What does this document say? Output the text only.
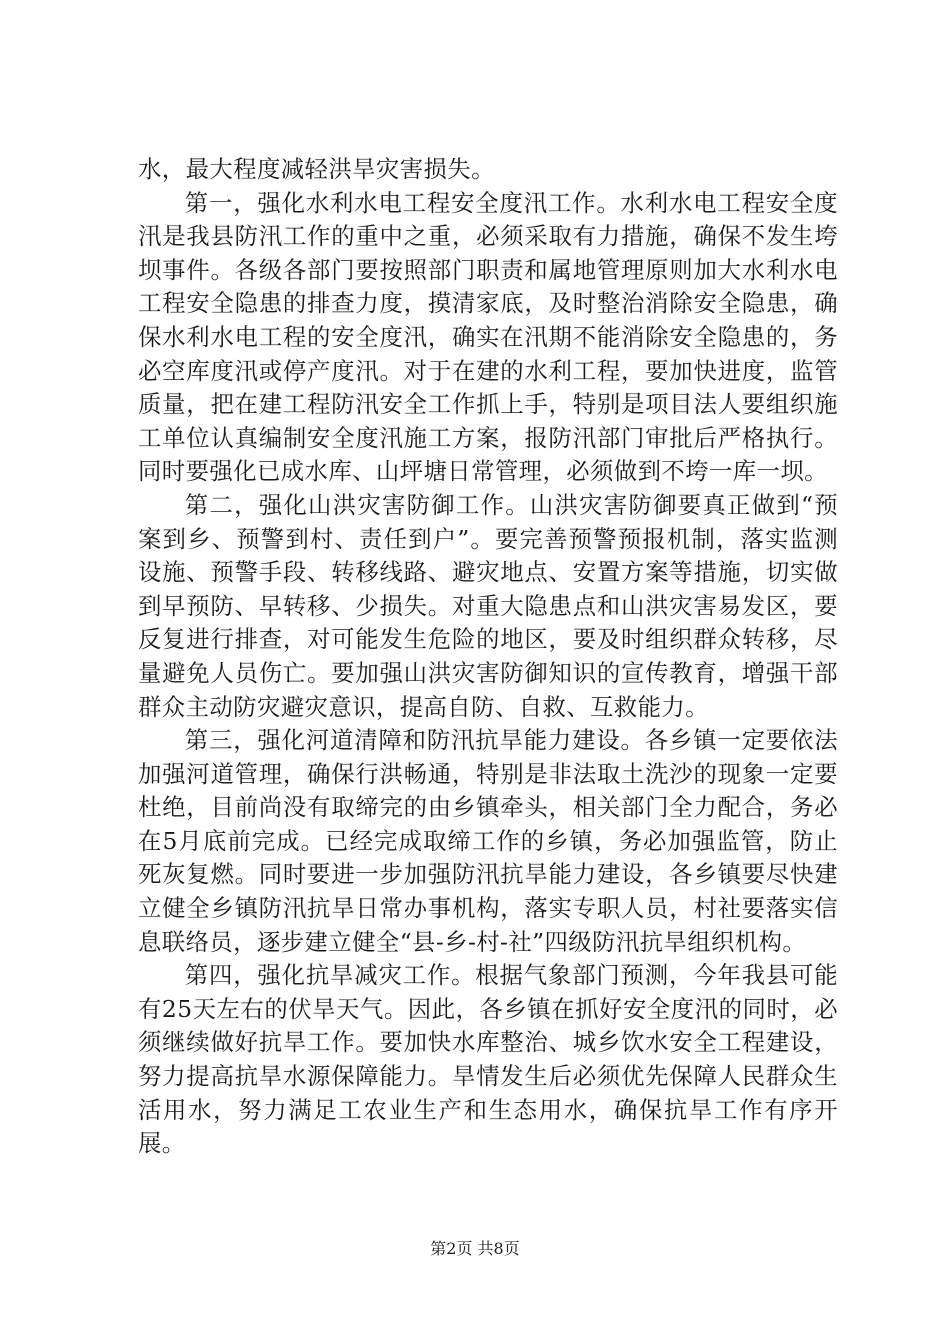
水，最大程度减轻洪旱灾害损失。

第一，强化水利水电工程安全度汛工作。水利水电工程安全度汛是我县防汛工作的重中之重，必须采取有力措施，确保不发生垮坝事件。各级各部门要按照部门职责和属地管理原则加大水利水电工程安全隐患的排查力度，摸清家底，及时整治消除安全隐患，确保水利水电工程的安全度汛，确实在汛期不能消除安全隐患的，务必空库度汛或停产度汛。对于在建的水利工程，要加快进度，监管质量，把在建工程防汛安全工作抓上手，特别是项目法人要组织施工单位认真编制安全度汛施工方案，报防汛部门审批后严格执行。同时要强化已成水库、山坪塘日常管理，必须做到不垮一库一坝。

第二，强化山洪灾害防御工作。山洪灾害防御要真正做到“预案到乡、预警到村、责任到户”。要完善预警预报机制，落实监测设施、预警手段、转移线路、避灾地点、安置方案等措施，切实做到早预防、早转移、少损失。对重大隐患点和山洪灾害易发区，要反复进行排查，对可能发生危险的地区，要及时组织群众转移，尽量避免人员伤亡。要加强山洪灾害防御知识的宣传教育，增强干部群众主动防灾避灾意识，提高自防、自救、互救能力。

第三，强化河道清障和防汛抗旱能力建设。各乡镇一定要依法加强河道管理，确保行洪畅通，特别是非法取土洗沙的现象一定要杜绝，目前尚没有取缔完的由乡镇牵头，相关部门全力配合，务必在5月底前完成。已经完成取缔工作的乡镇，务必加强监管，防止死灰复燃。同时要进一步加强防汛抗旱能力建设，各乡镇要尽快建立健全乡镇防汛抗旱日常办事机构，落实专职人员，村社要落实信息联络员，逐步建立健全“县-乡-村-社”四级防汛抗旱组织机构。

第四，强化抗旱减灾工作。根据气象部门预测，今年我县可能有25天左右的伏旱天气。因此，各乡镇在抓好安全度汛的同时，必须继续做好抗旱工作。要加快水库整治、城乡饮水安全工程建设，努力提高抗旱水源保障能力。旱情发生后必须优先保障人民群众生活用水，努力满足工农业生产和生态用水，确保抗旱工作有序开展。

第2页 共8页
